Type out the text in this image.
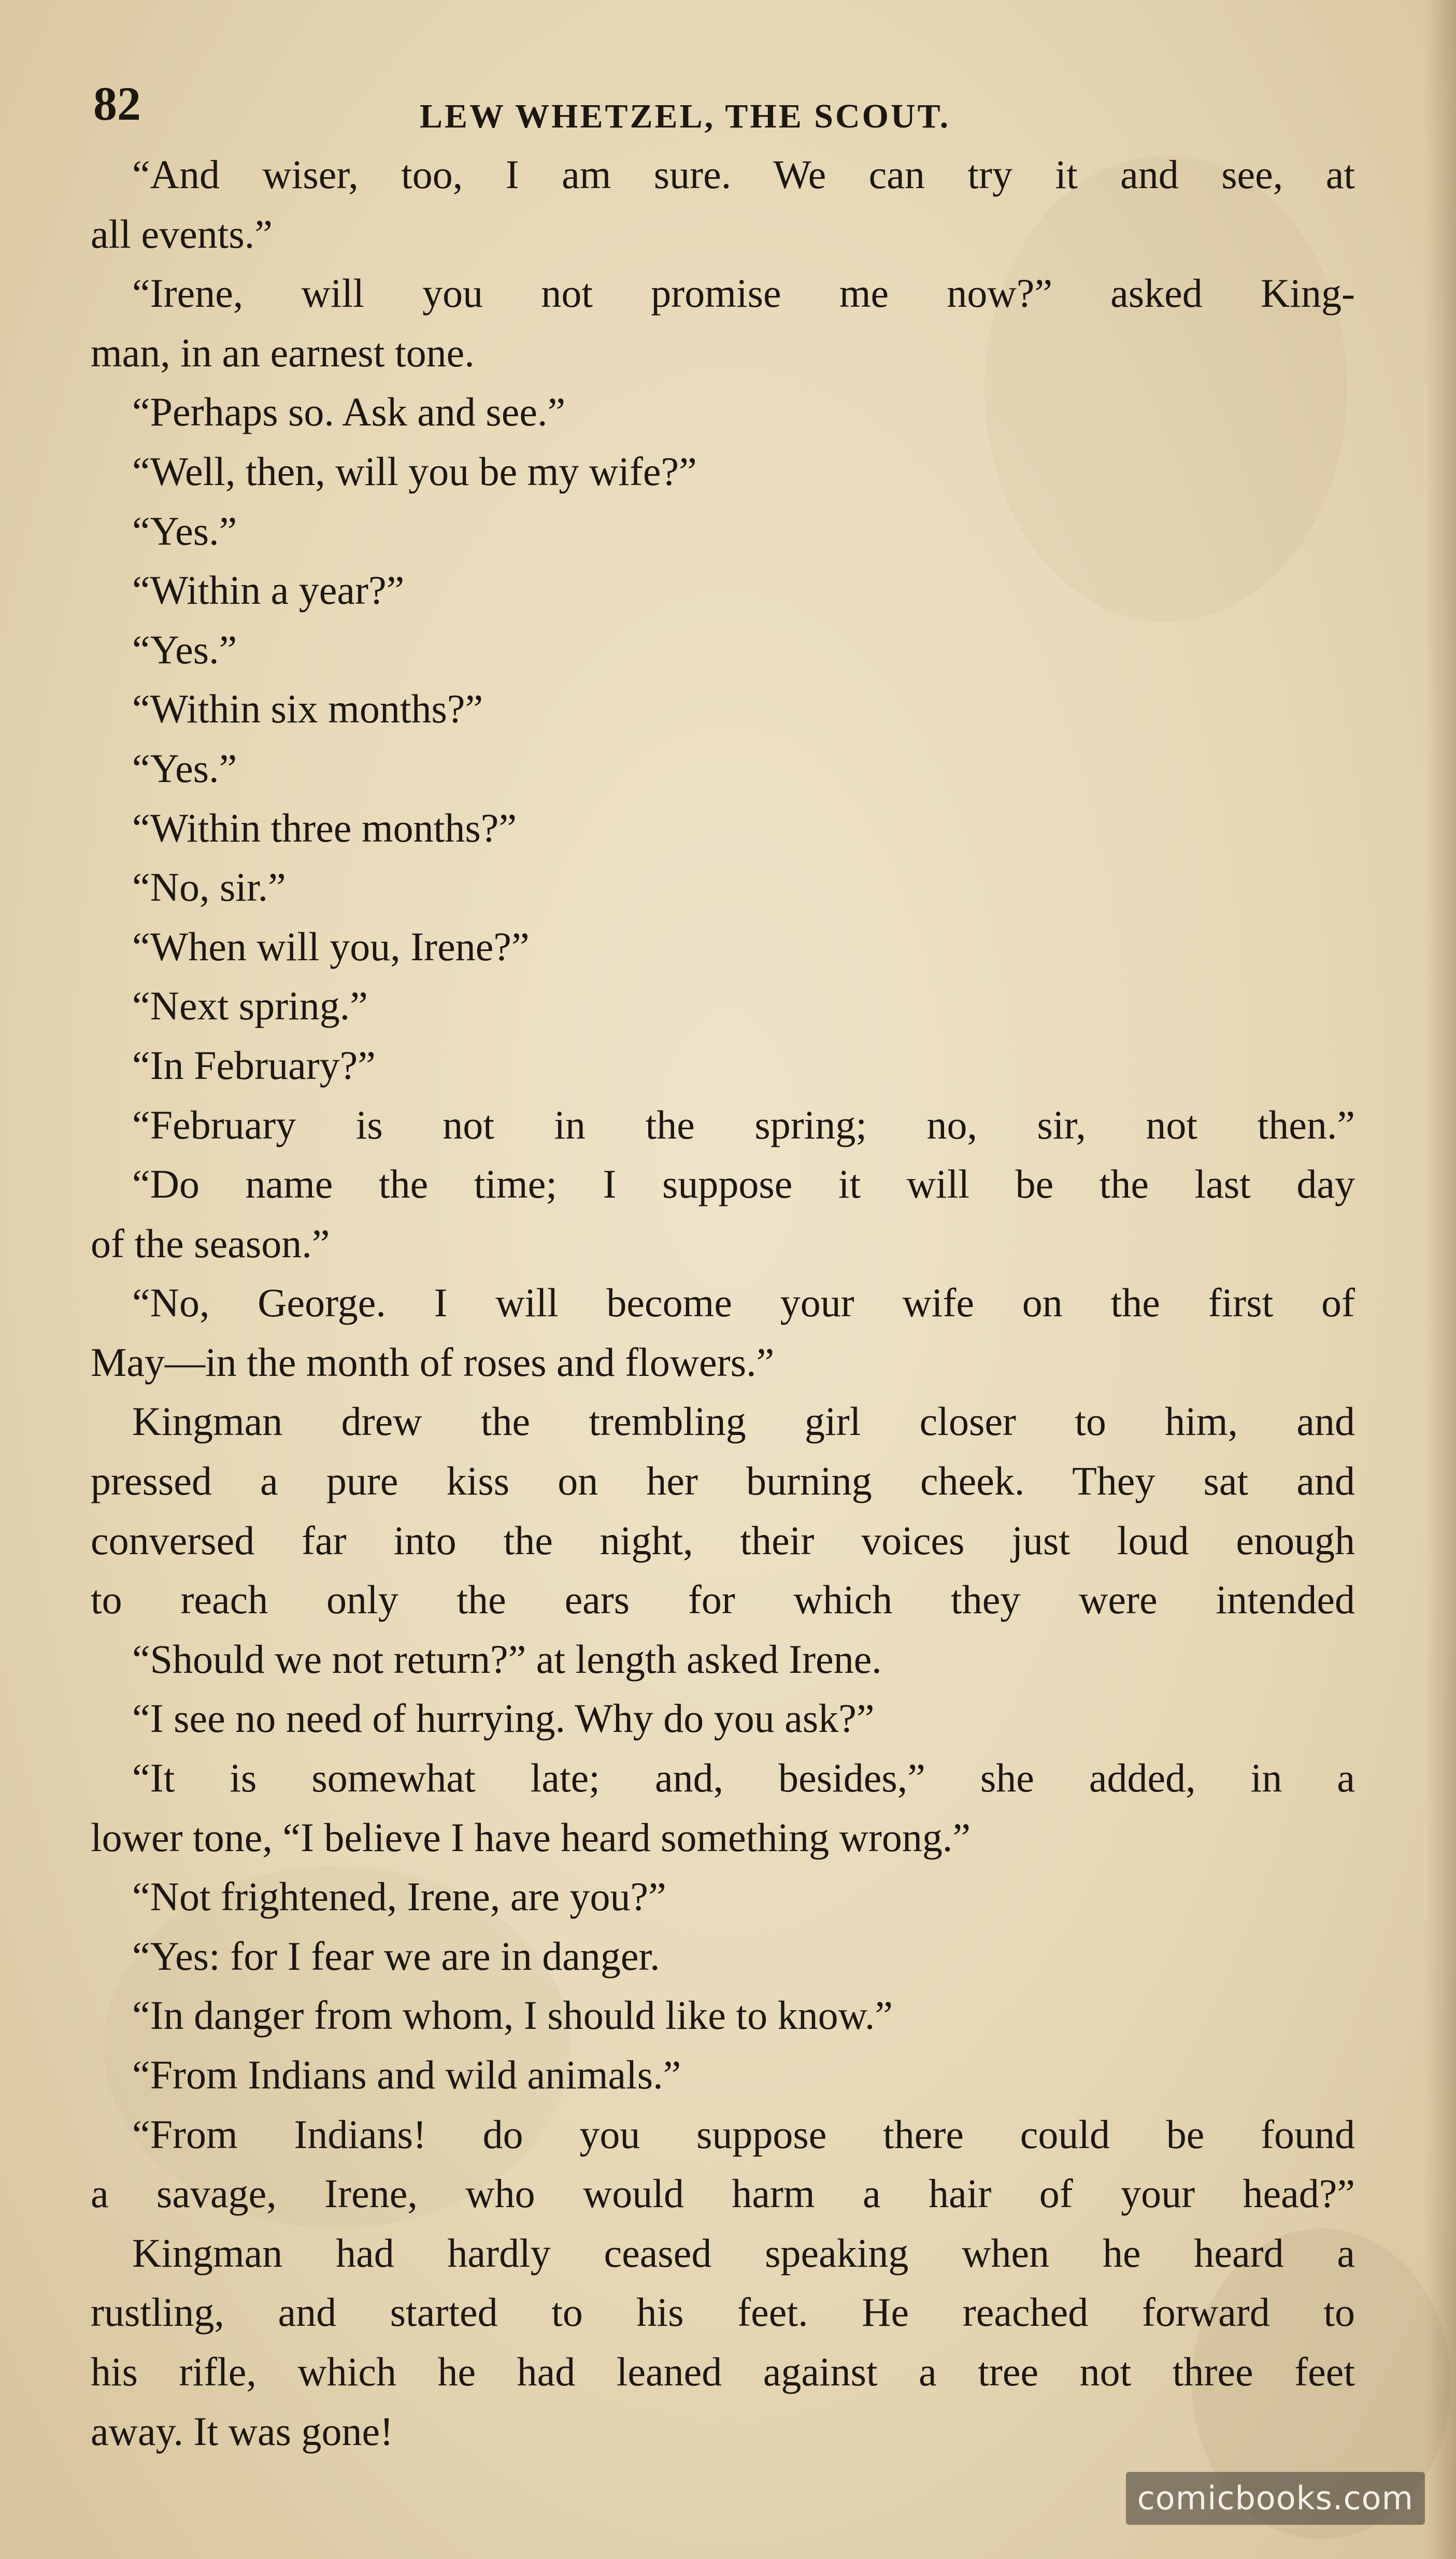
82	LEW WHETZEL, THE SCOUT.
“And wiser, too, I am sure. We can try it and see, at
all events.”
“Irene, will you not promise me now?” asked King-
man, in an earnest tone.
“Perhaps so. Ask and see.”
“Well, then, will you be my wife?”
“Yes.”
“Within a year?”
“Yes.”
“Within six months?”
“Yes.”
“Within three months?”
“No, sir.”
“When will you, Irene?”
“Next spring.”
“In February?”
“February is not in the spring; no, sir, not then.”
“Do name the time; I suppose it will be the last day
of the season.”
“No, George. I will become your wife on the first of
May—in the month of roses and flowers.”
Kingman drew the trembling girl closer to him, and
pressed a pure kiss on her burning cheek. They sat and
conversed far into the night, their voices just loud enough
to reach only the ears for which they were intended
“Should we not return?” at length asked Irene.
“I see no need of hurrying. Why do you ask?”
“It is somewhat late; and, besides,” she added, in a
lower tone, “I believe I have heard something wrong.”
“Not frightened, Irene, are you?”
“Yes: for I fear we are in danger.
“In danger from whom, I should like to know.”
“From Indians and wild animals.”
“From Indians! do you suppose there could be found
a savage, Irene, who would harm a hair of your head?”
Kingman had hardly ceased speaking when he heard a
rustling, and started to his feet. He reached forward to
his rifle, which he had leaned against a tree not three feet
away. It was gone!
comicbooks.com
